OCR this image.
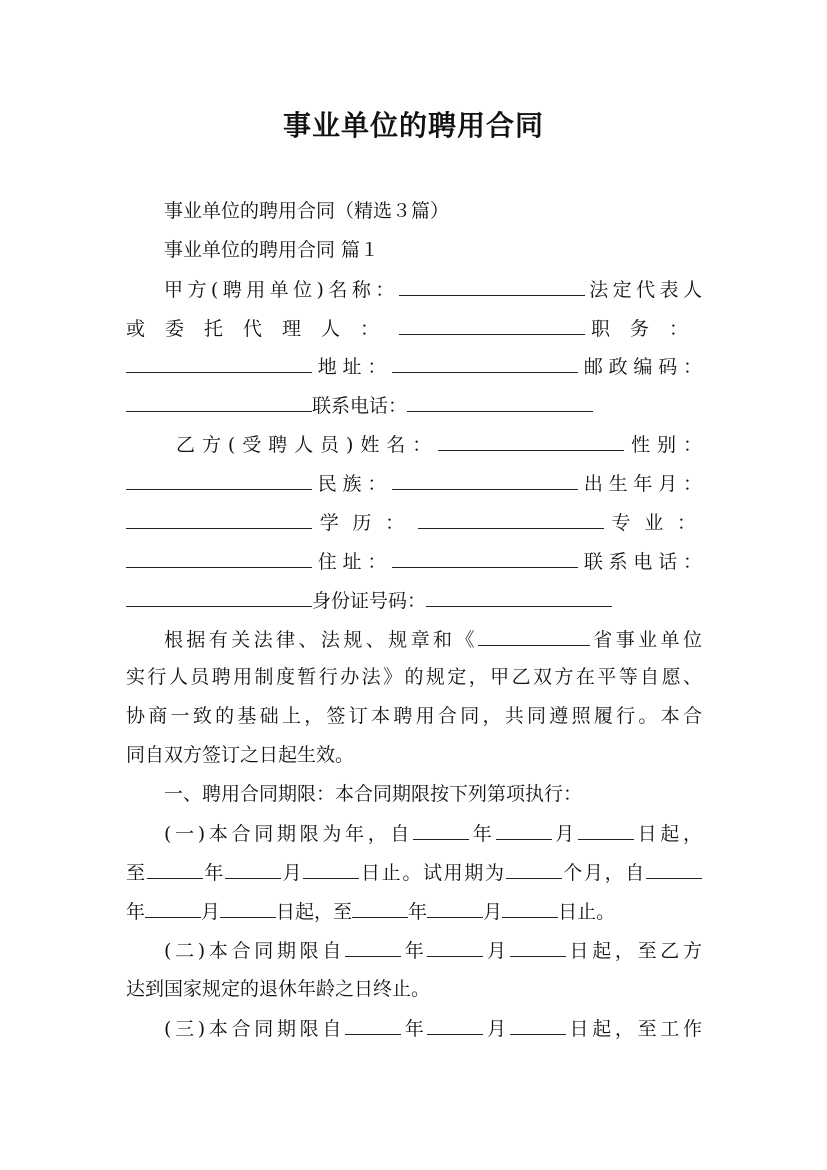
事业单位的聘用合同
事业单位的聘用合同（精选３篇）
事业单位的聘用合同 篇１
甲方(聘用单位)名称：	法定代表人
或委托代理人：	职务：
地址：	邮政编码：
联系电话：
乙方(受聘人员)姓名：	性别：
民族：	出生年月：
学历：	专业：
住址：	联系电话：
身份证号码：
根据有关法律、法规、规章和《	省事业单位
实行人员聘用制度暂行办法》的规定，甲乙双方在平等自愿、
协商一致的基础上，签订本聘用合同，共同遵照履行。本合
同自双方签订之日起生效。
一、聘用合同期限：本合同期限按下列第项执行：
(一)本合同期限为年，自	年	月	日起，
至	年	月	日止。试用期为	个月，自
年	月	日起，至	年	月	日止。
(二)本合同期限自	年	月	日起，至乙方
达到国家规定的退休年龄之日终止。
(三)本合同期限自	年	月	日起，至工作
